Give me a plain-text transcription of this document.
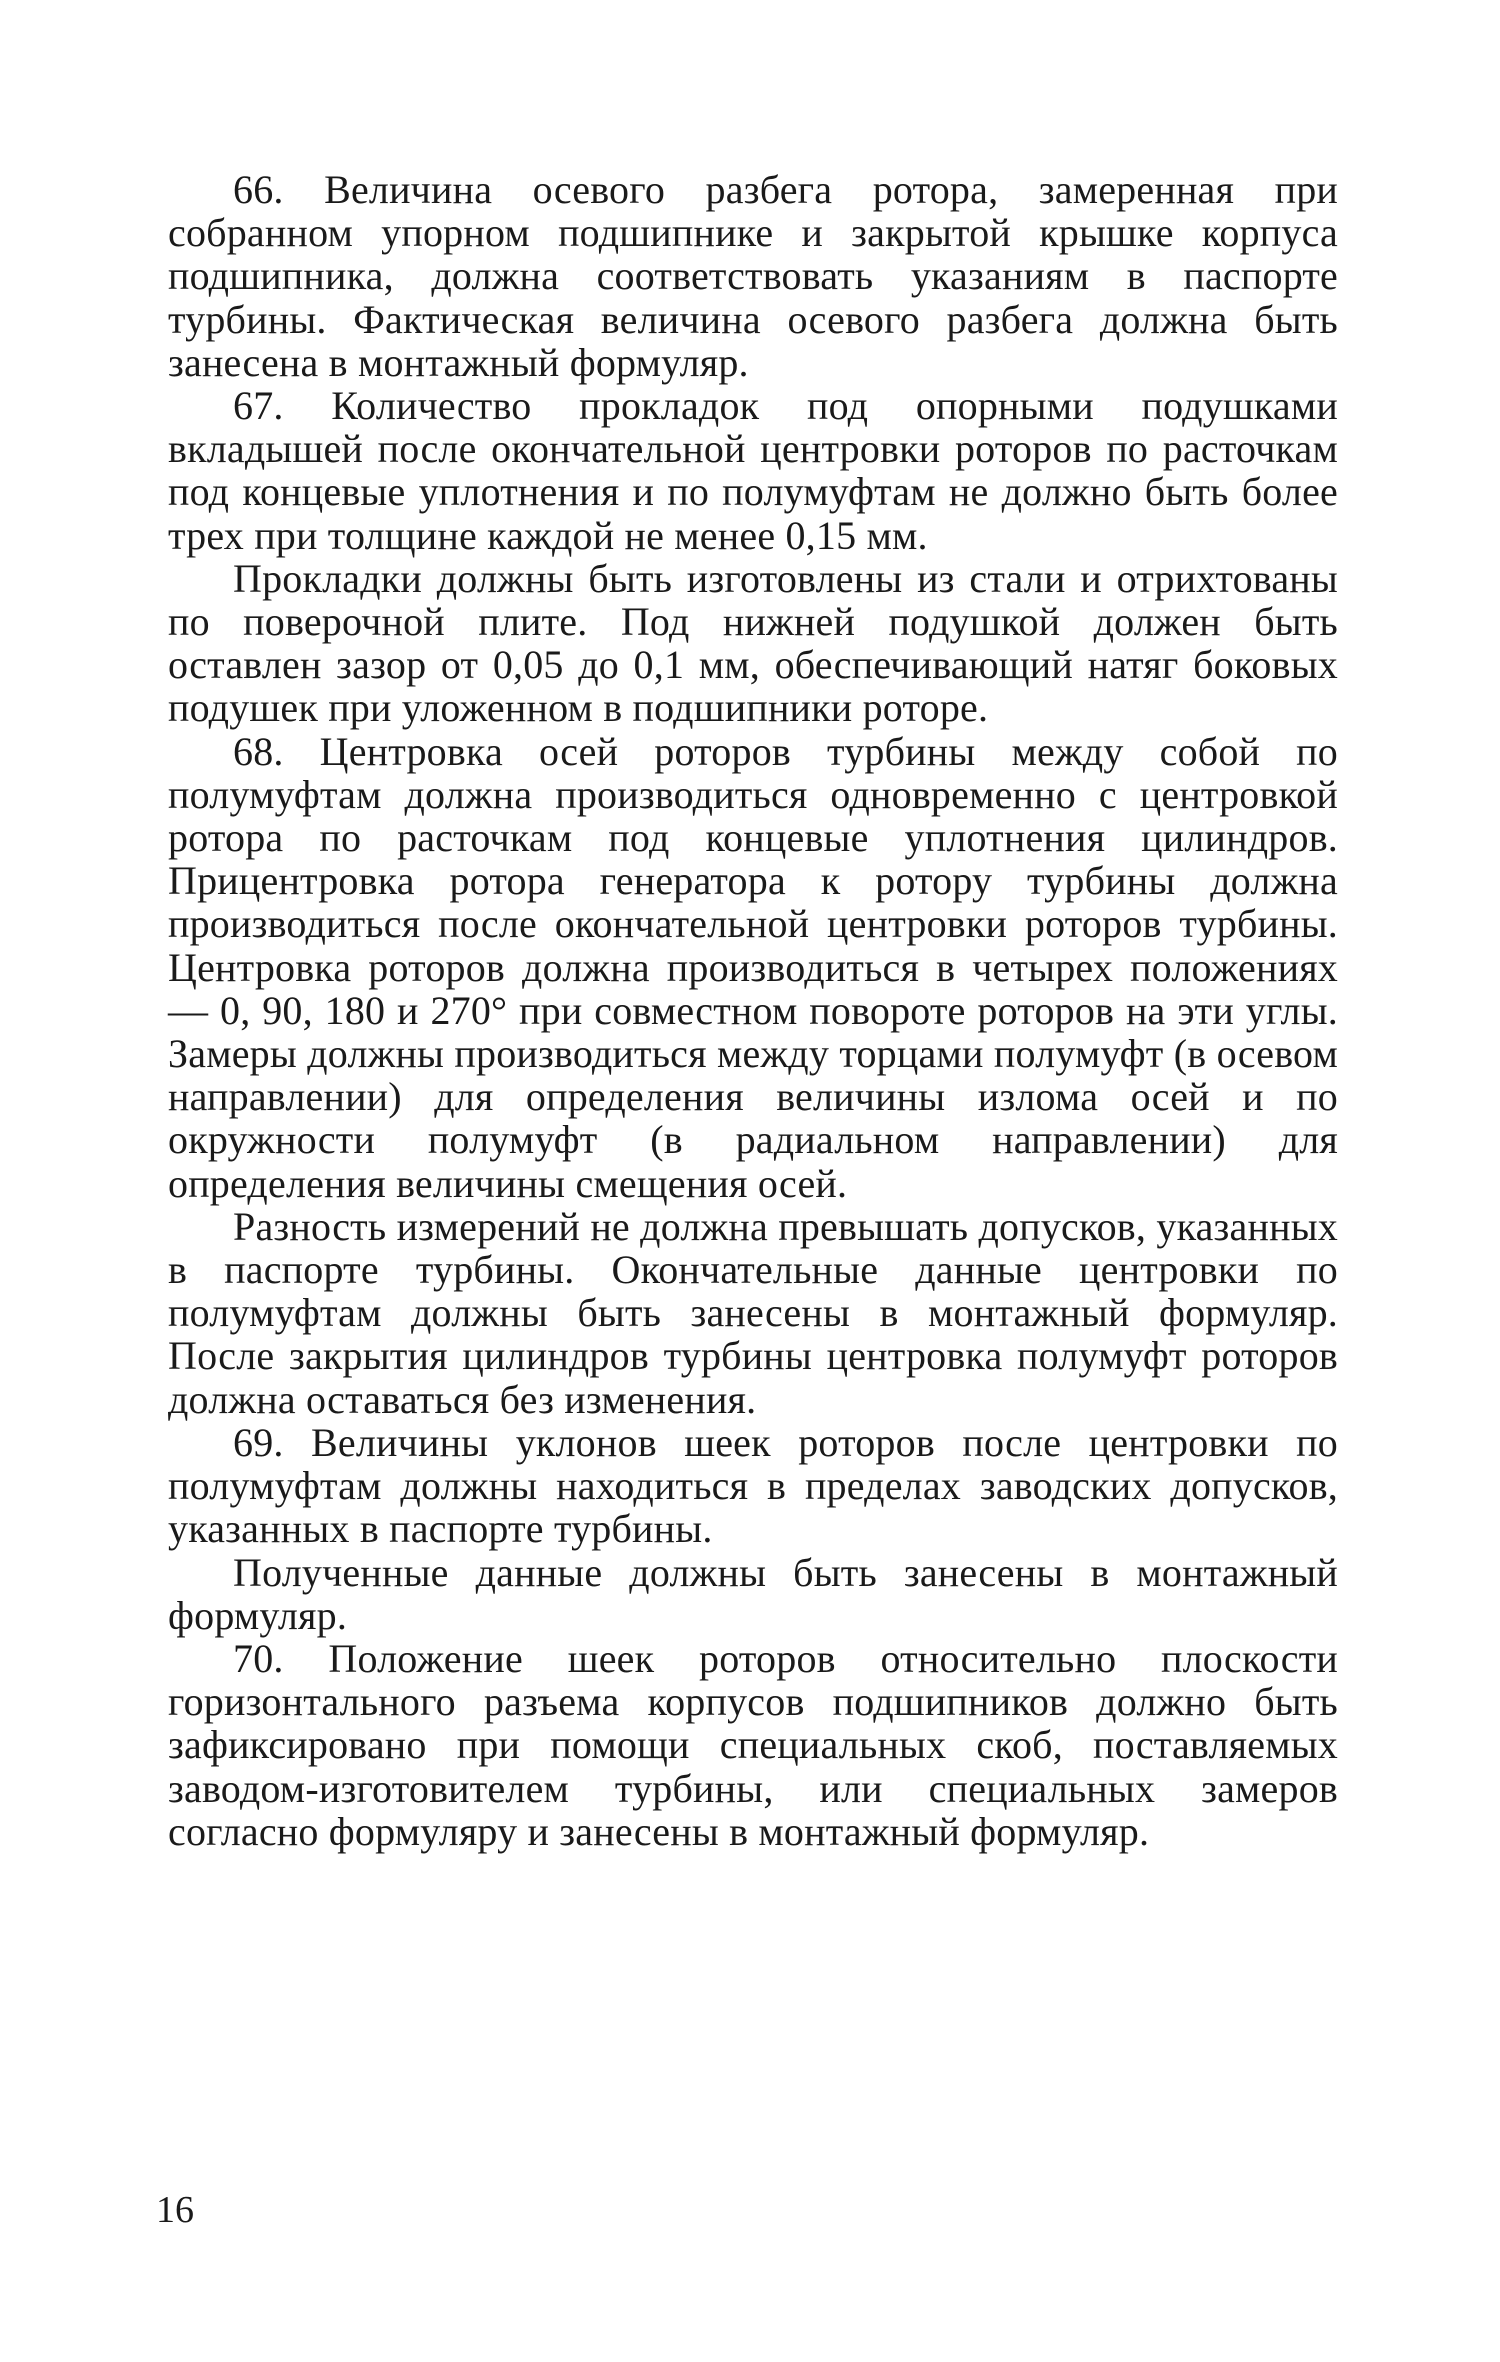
66. Величина осевого разбега ротора, замеренная при собранном упорном подшипнике и закрытой крышке корпуса подшипника, должна соответствовать указаниям в паспорте турбины. Фактическая величина осевого разбега должна быть занесена в монтажный формуляр.

67. Количество прокладок под опорными подушками вкладышей после окончательной центровки роторов по расточкам под концевые уплотнения и по полумуфтам не должно быть более трех при толщине каждой не менее 0,15 мм.

Прокладки должны быть изготовлены из стали и отрихтованы по поверочной плите. Под нижней подушкой должен быть оставлен зазор от 0,05 до 0,1 мм, обеспечивающий натяг боковых подушек при уложенном в подшипники роторе.

68. Центровка осей роторов турбины между собой по полумуфтам должна производиться одновременно с центровкой ротора по расточкам под концевые уплотнения цилиндров. Прицентровка ротора генератора к ротору турбины должна производиться после окончательной центровки роторов турбины. Центровка роторов должна производиться в четырех положениях — 0, 90, 180 и 270° при совместном повороте роторов на эти углы. Замеры должны производиться между торцами полумуфт (в осевом направлении) для определения величины излома осей и по окружности полумуфт (в радиальном направлении) для определения величины смещения осей.

Разность измерений не должна превышать допусков, указанных в паспорте турбины. Окончательные данные центровки по полумуфтам должны быть занесены в монтажный формуляр. После закрытия цилиндров турбины центровка полумуфт роторов должна оставаться без изменения.

69. Величины уклонов шеек роторов после центровки по полумуфтам должны находиться в пределах заводских допусков, указанных в паспорте турбины.

Полученные данные должны быть занесены в монтажный формуляр.

70. Положение шеек роторов относительно плоскости горизонтального разъема корпусов подшипников должно быть зафиксировано при помощи специальных скоб, поставляемых заводом-изготовителем турбины, или специальных замеров согласно формуляру и занесены в монтажный формуляр.

16
